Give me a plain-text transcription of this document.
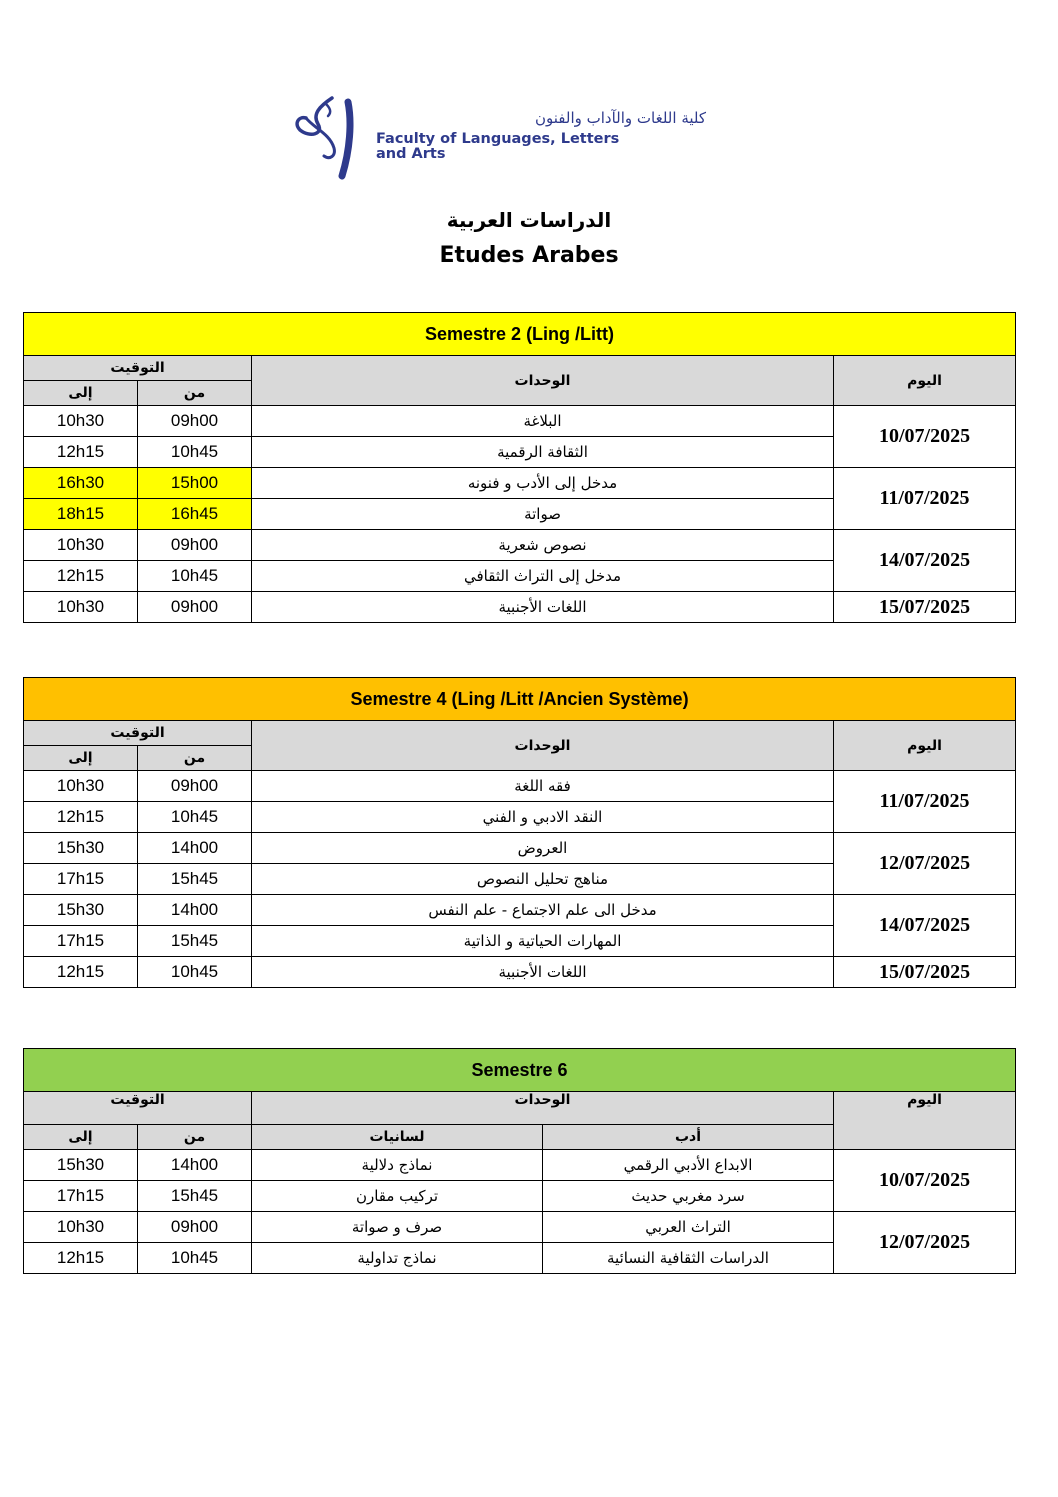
كلية اللغات والآداب والفنون
Faculty of Languages, Letters
and Arts
الدراسات العربية
Etudes Arabes
Semestre 2 (Ling /Litt)			
التوقيت		الوحدات	اليوم
إلى	من		
10h30	09h00	البلاغة	10/07/2025
12h15	10h45	الثقافة الرقمية	
16h30	15h00	مدخل إلى الأدب و فنونه	11/07/2025
18h15	16h45	صواتة	
10h30	09h00	نصوص شعرية	14/07/2025
12h15	10h45	مدخل إلى التراث الثقافي	
10h30	09h00	اللغات الأجنبية	15/07/2025
Semestre 4 (Ling /Litt /Ancien Système)			
التوقيت		الوحدات	اليوم
إلى	من		
10h30	09h00	فقه اللغة	11/07/2025
12h15	10h45	النقد الادبي و الفني	
15h30	14h00	العروض	12/07/2025
17h15	15h45	مناهج تحليل النصوص	
15h30	14h00	مدخل الى علم الاجتماع - علم النفس	14/07/2025
17h15	15h45	المهارات الحياتية و الذاتية	
12h15	10h45	اللغات الأجنبية	15/07/2025
Semestre 6				
التوقيت		الوحدات		اليوم
إلى	من	لسانيات	أدب	
15h30	14h00	نماذج دلالية	الابداع الأدبي الرقمي	10/07/2025
17h15	15h45	تركيب مقارن	سرد مغربي حديث	
10h30	09h00	صرف و صواتة	التراث العربي	12/07/2025
12h15	10h45	نماذج تداولية	الدراسات الثقافية النسائية	
